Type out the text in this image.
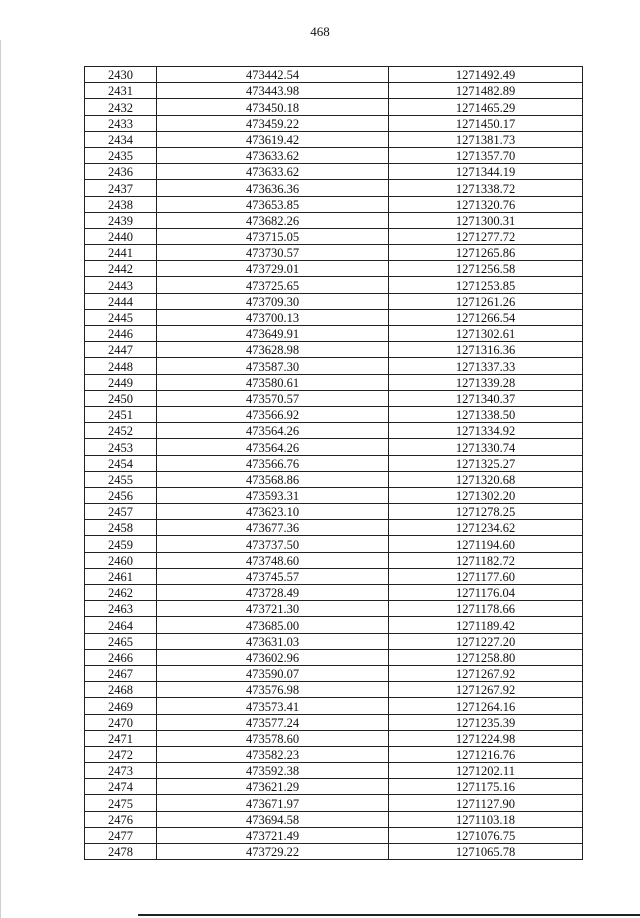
468
2430	473442.54	1271492.49
2431	473443.98	1271482.89
2432	473450.18	1271465.29
2433	473459.22	1271450.17
2434	473619.42	1271381.73
2435	473633.62	1271357.70
2436	473633.62	1271344.19
2437	473636.36	1271338.72
2438	473653.85	1271320.76
2439	473682.26	1271300.31
2440	473715.05	1271277.72
2441	473730.57	1271265.86
2442	473729.01	1271256.58
2443	473725.65	1271253.85
2444	473709.30	1271261.26
2445	473700.13	1271266.54
2446	473649.91	1271302.61
2447	473628.98	1271316.36
2448	473587.30	1271337.33
2449	473580.61	1271339.28
2450	473570.57	1271340.37
2451	473566.92	1271338.50
2452	473564.26	1271334.92
2453	473564.26	1271330.74
2454	473566.76	1271325.27
2455	473568.86	1271320.68
2456	473593.31	1271302.20
2457	473623.10	1271278.25
2458	473677.36	1271234.62
2459	473737.50	1271194.60
2460	473748.60	1271182.72
2461	473745.57	1271177.60
2462	473728.49	1271176.04
2463	473721.30	1271178.66
2464	473685.00	1271189.42
2465	473631.03	1271227.20
2466	473602.96	1271258.80
2467	473590.07	1271267.92
2468	473576.98	1271267.92
2469	473573.41	1271264.16
2470	473577.24	1271235.39
2471	473578.60	1271224.98
2472	473582.23	1271216.76
2473	473592.38	1271202.11
2474	473621.29	1271175.16
2475	473671.97	1271127.90
2476	473694.58	1271103.18
2477	473721.49	1271076.75
2478	473729.22	1271065.78
